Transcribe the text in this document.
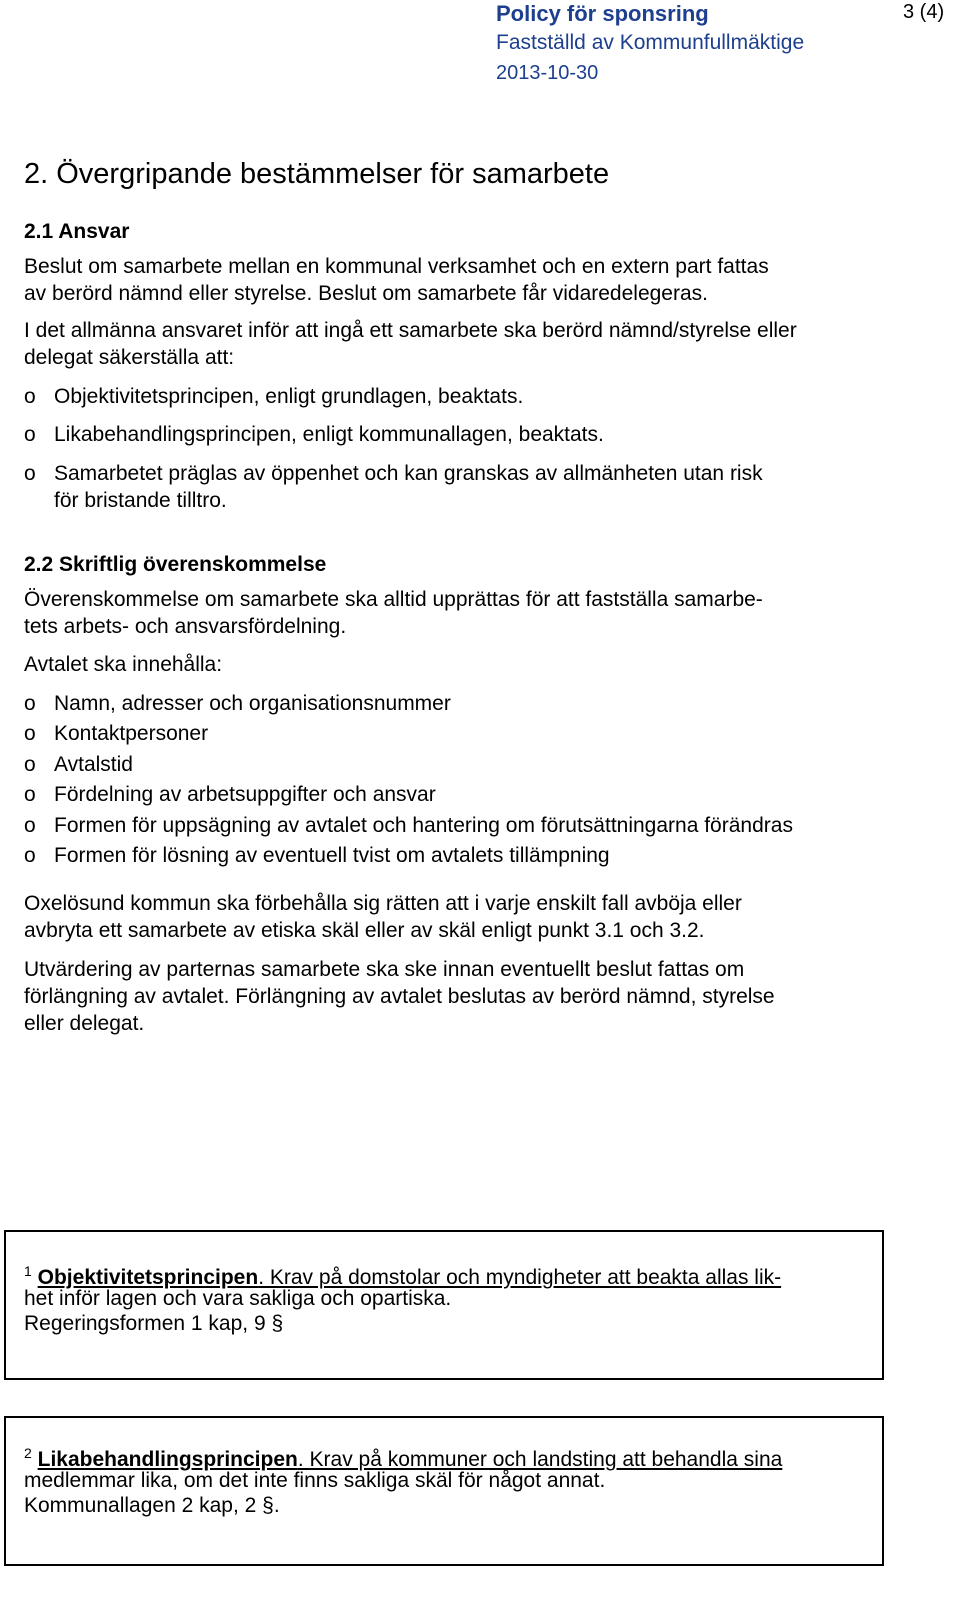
Policy för sponsring
Fastställd av Kommunfullmäktige
2013-10-30
3 (4)
2. Övergripande bestämmelser för samarbete
2.1 Ansvar
Beslut om samarbete mellan en kommunal verksamhet och en extern part fattas
av berörd nämnd eller styrelse. Beslut om samarbete får vidaredelegeras.
I det allmänna ansvaret inför att ingå ett samarbete ska berörd nämnd/styrelse eller
delegat säkerställa att:
o Objektivitetsprincipen, enligt grundlagen, beaktats.
o Likabehandlingsprincipen, enligt kommunallagen, beaktats.
o Samarbetet präglas av öppenhet och kan granskas av allmänheten utan risk
för bristande tilltro.
2.2 Skriftlig överenskommelse
Överenskommelse om samarbete ska alltid upprättas för att fastställa samarbe-
tets arbets- och ansvarsfördelning.
Avtalet ska innehålla:
o Namn, adresser och organisationsnummer
o Kontaktpersoner
o Avtalstid
o Fördelning av arbetsuppgifter och ansvar
o Formen för uppsägning av avtalet och hantering om förutsättningarna förändras
o Formen för lösning av eventuell tvist om avtalets tillämpning
Oxelösund kommun ska förbehålla sig rätten att i varje enskilt fall avböja eller
avbryta ett samarbete av etiska skäl eller av skäl enligt punkt 3.1 och 3.2.
Utvärdering av parternas samarbete ska ske innan eventuellt beslut fattas om
förlängning av avtalet. Förlängning av avtalet beslutas av berörd nämnd, styrelse
eller delegat.
$^1$ Objektivitetsprincipen. Krav på domstolar och myndigheter att beakta allas lik-
het inför lagen och vara sakliga och opartiska.
Regeringsformen 1 kap, 9 §
$^2$ Likabehandlingsprincipen. Krav på kommuner och landsting att behandla sina
medlemmar lika, om det inte finns sakliga skäl för något annat.
Kommunallagen 2 kap, 2 §.
